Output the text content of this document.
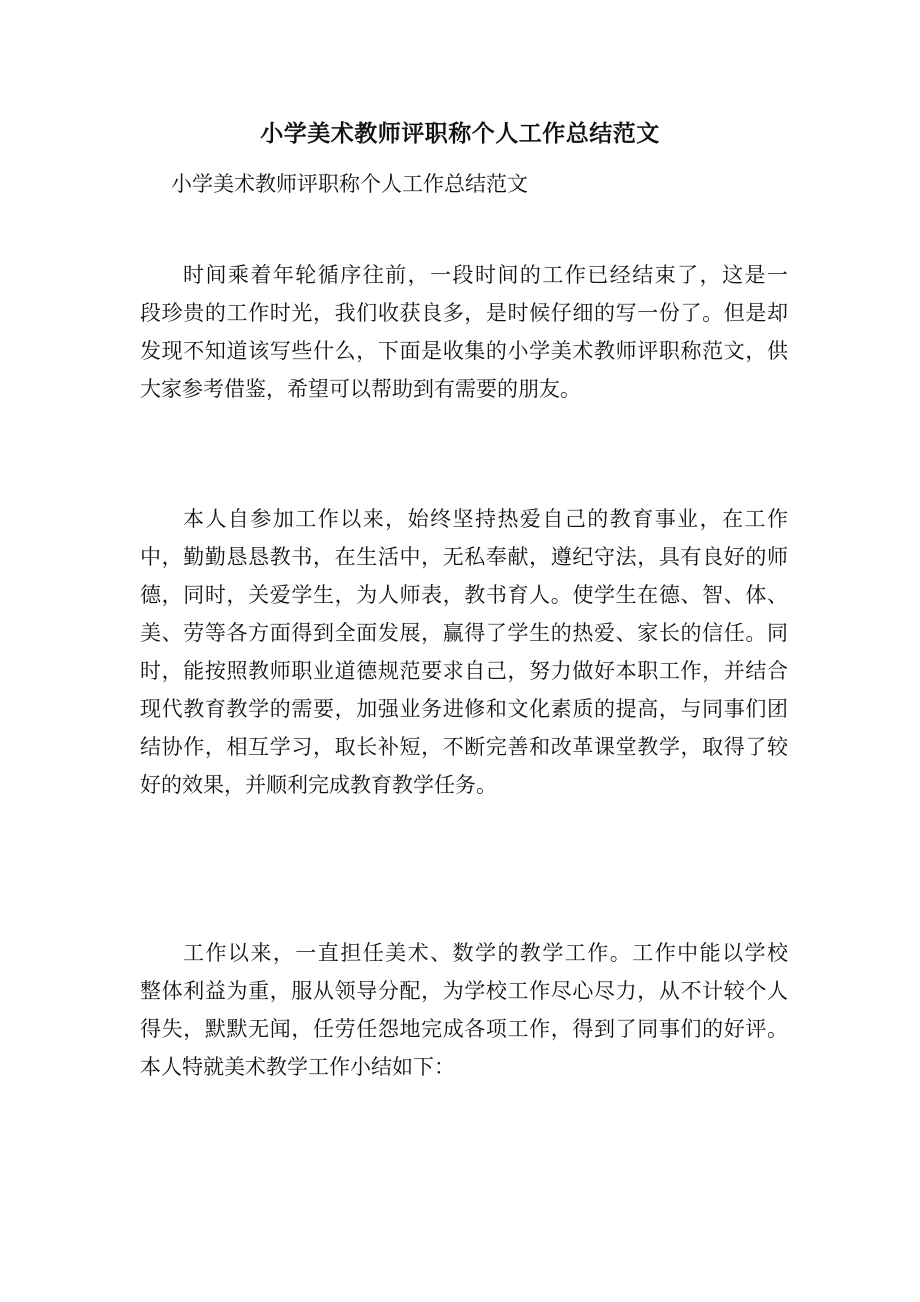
小学美术教师评职称个人工作总结范文

小学美术教师评职称个人工作总结范文

时间乘着年轮循序往前，一段时间的工作已经结束了，这是一
段珍贵的工作时光，我们收获良多，是时候仔细的写一份了。但是却
发现不知道该写些什么，下面是收集的小学美术教师评职称范文，供
大家参考借鉴，希望可以帮助到有需要的朋友。
本人自参加工作以来，始终坚持热爱自己的教育事业，在工作
中，勤勤恳恳教书，在生活中，无私奉献，遵纪守法，具有良好的师
德，同时，关爱学生，为人师表，教书育人。使学生在德、智、体、
美、劳等各方面得到全面发展，赢得了学生的热爱、家长的信任。同
时，能按照教师职业道德规范要求自己，努力做好本职工作，并结合
现代教育教学的需要，加强业务进修和文化素质的提高，与同事们团
结协作，相互学习，取长补短，不断完善和改革课堂教学，取得了较
好的效果，并顺利完成教育教学任务。
工作以来，一直担任美术、数学的教学工作。工作中能以学校
整体利益为重，服从领导分配，为学校工作尽心尽力，从不计较个人
得失，默默无闻，任劳任怨地完成各项工作，得到了同事们的好评。
本人特就美术教学工作小结如下：
